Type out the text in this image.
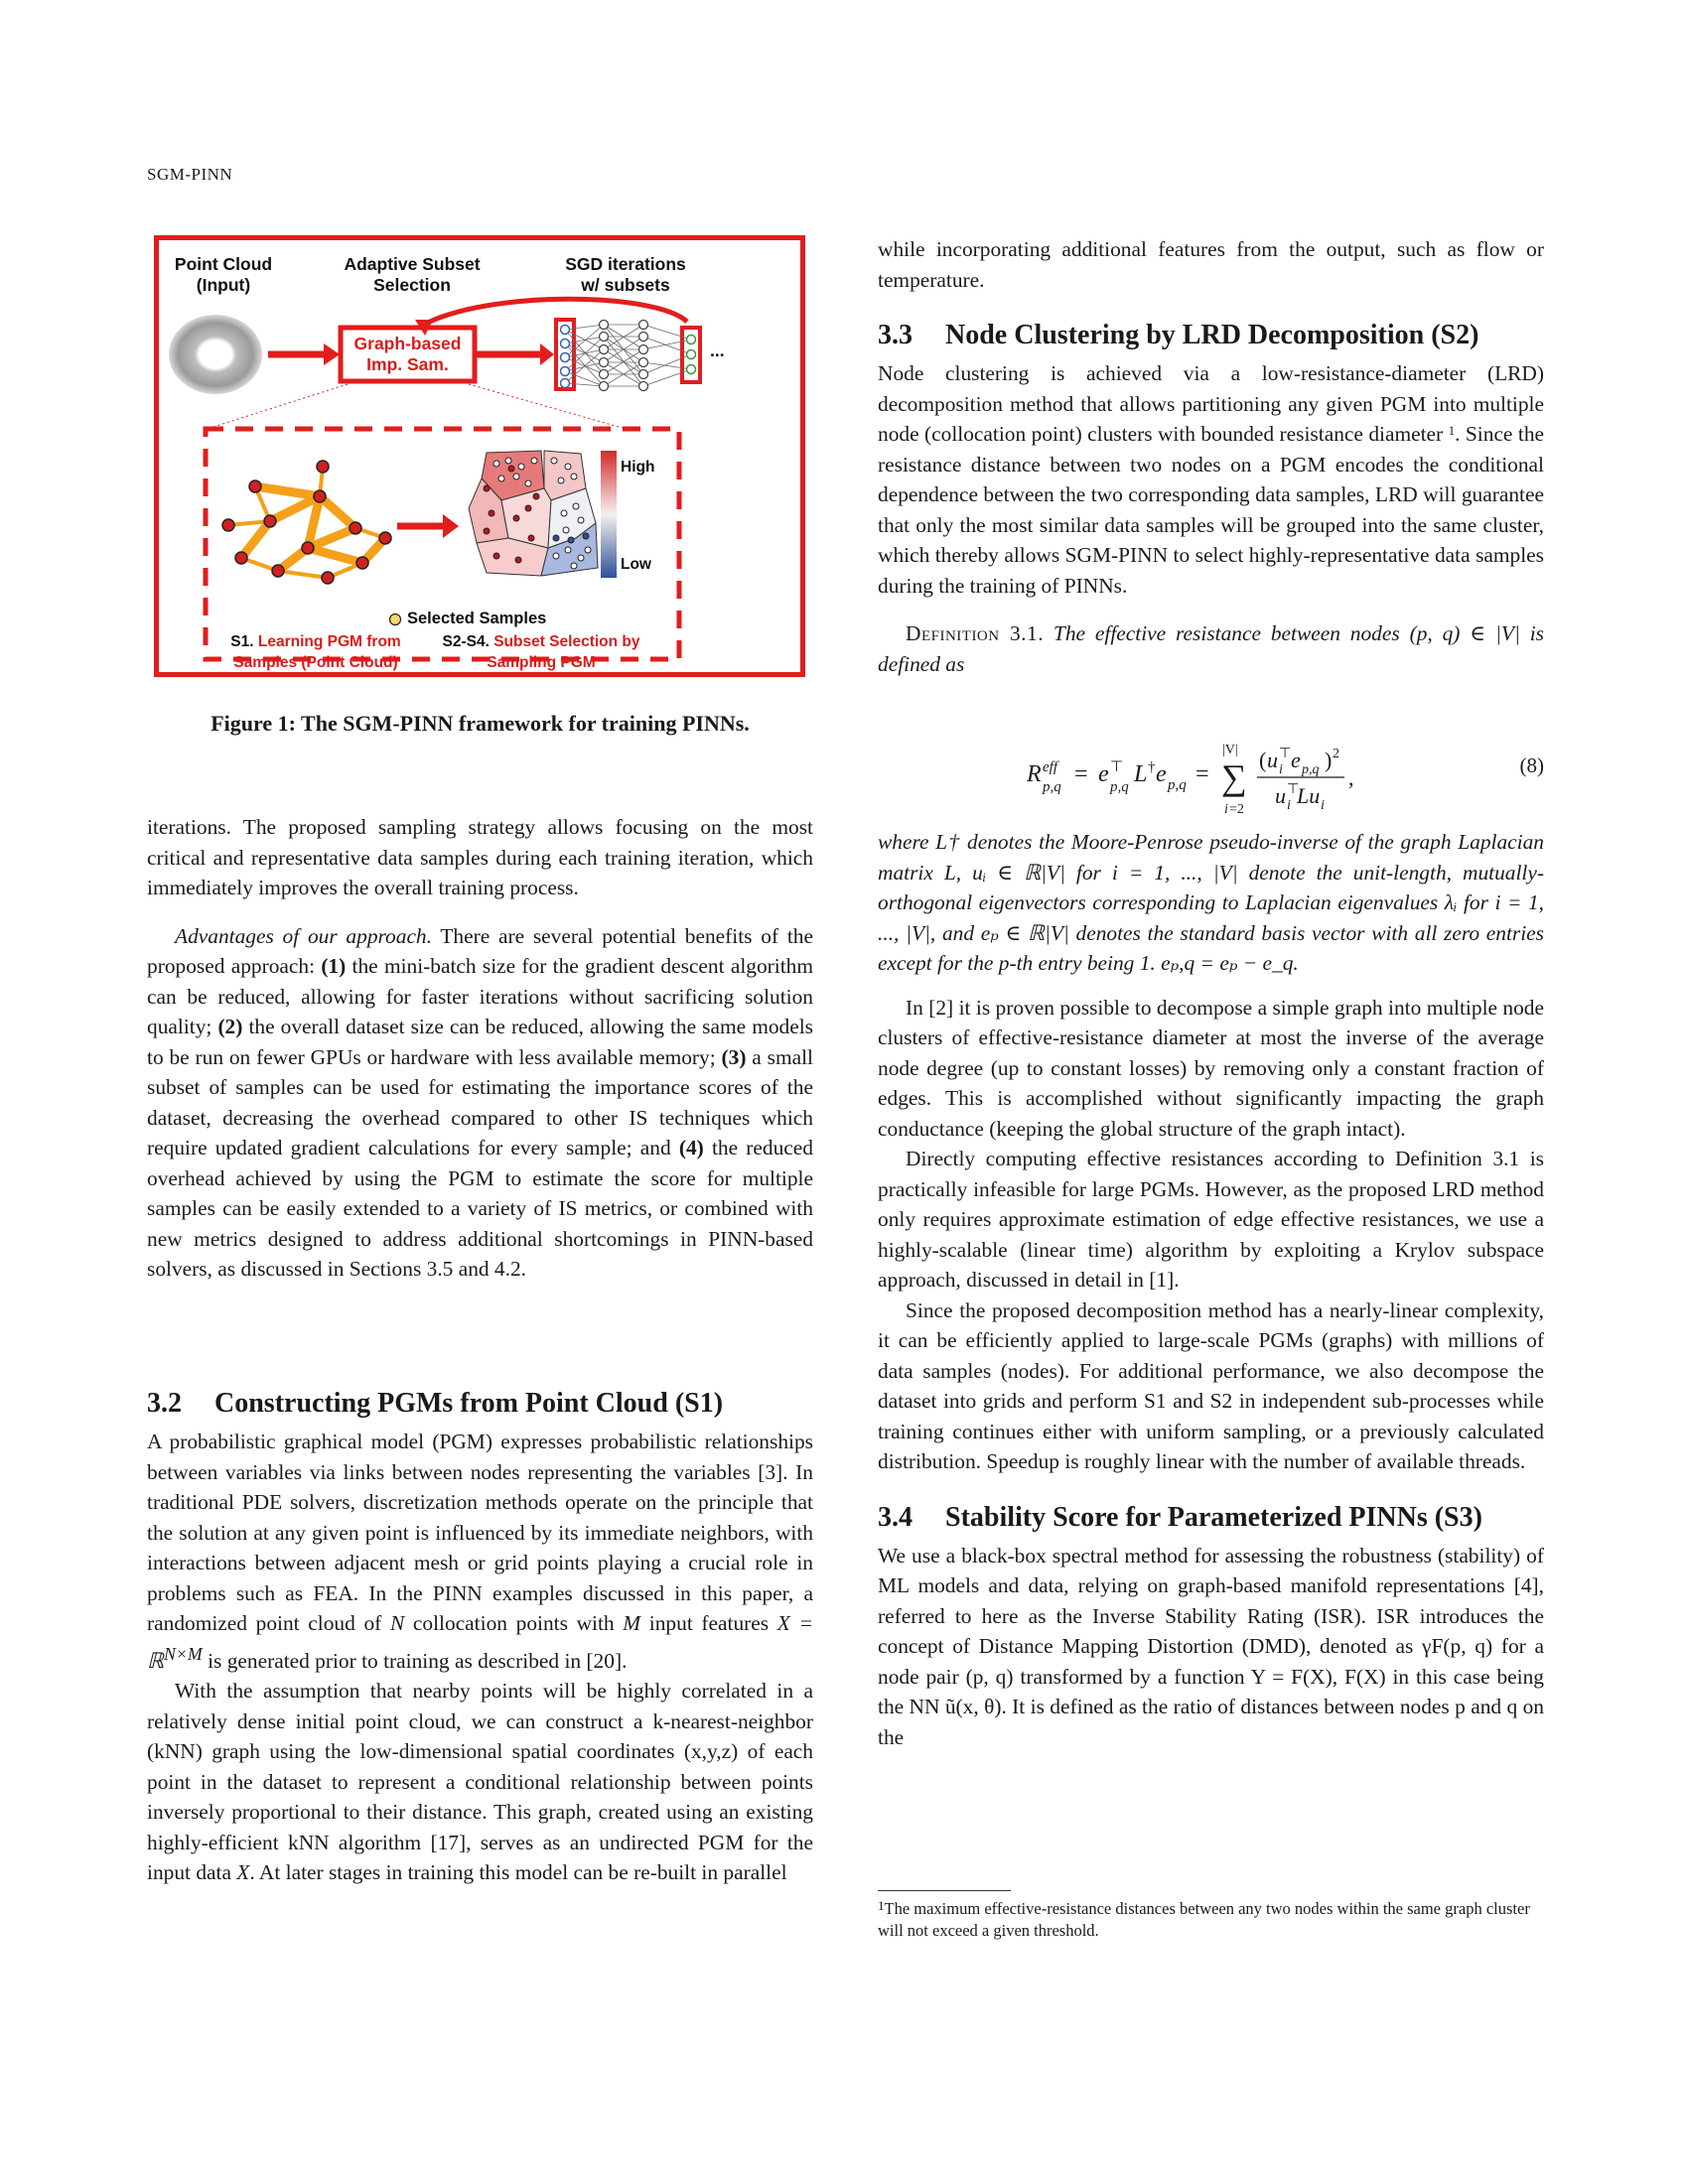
SGM-PINN
Point Cloud
(Input)
Adaptive Subset
Selection
SGD iterations
w/ subsets
Graph-based
Imp. Sam.
...
High
Low
Selected Samples
S1. Learning PGM from
Samples (Point Cloud)
S2-S4. Subset Selection by
Sampling PGM
Figure 1: The SGM-PINN framework for training PINNs.

iterations. The proposed sampling strategy allows focusing on the most critical and representative data samples during each training iteration, which immediately improves the overall training process.

Advantages of our approach. There are several potential benefits of the proposed approach: (1) the mini-batch size for the gradient descent algorithm can be reduced, allowing for faster iterations without sacrificing solution quality; (2) the overall dataset size can be reduced, allowing the same models to be run on fewer GPUs or hardware with less available memory; (3) a small subset of samples can be used for estimating the importance scores of the dataset, decreasing the overhead compared to other IS techniques which require updated gradient calculations for every sample; and (4) the reduced overhead achieved by using the PGM to estimate the score for multiple samples can be easily extended to a variety of IS metrics, or combined with new metrics designed to address additional shortcomings in PINN-based solvers, as discussed in Sections 3.5 and 4.2.

3.2 Constructing PGMs from Point Cloud (S1)

A probabilistic graphical model (PGM) expresses probabilistic relationships between variables via links between nodes representing the variables [3]. In traditional PDE solvers, discretization methods operate on the principle that the solution at any given point is influenced by its immediate neighbors, with interactions between adjacent mesh or grid points playing a crucial role in problems such as FEA. In the PINN examples discussed in this paper, a randomized point cloud of N collocation points with M input features X = ℝ$^{N\times M}$ is generated prior to training as described in [20].

With the assumption that nearby points will be highly correlated in a relatively dense initial point cloud, we can construct a k-nearest-neighbor (kNN) graph using the low-dimensional spatial coordinates (x,y,z) of each point in the dataset to represent a conditional relationship between points inversely proportional to their distance. This graph, created using an existing highly-efficient kNN algorithm [17], serves as an undirected PGM for the input data X. At later stages in training this model can be re-built in parallel

while incorporating additional features from the output, such as flow or temperature.

3.3 Node Clustering by LRD Decomposition (S2)

Node clustering is achieved via a low-resistance-diameter (LRD) decomposition method that allows partitioning any given PGM into multiple node (collocation point) clusters with bounded resistance diameter $^1$. Since the resistance distance between two nodes on a PGM encodes the conditional dependence between the two corresponding data samples, LRD will guarantee that only the most similar data samples will be grouped into the same cluster, which thereby allows SGM-PINN to select highly-representative data samples during the training of PINNs.

Definition 3.1. The effective resistance between nodes (p, q) ∈ |V| is defined as

R eff
p,q = e ⊤
p,q L † e p,q =
|V|
∑
i =2
( u ⊤
i e p,q ) 2
u ⊤
i Lu i
,	(8)

where L† denotes the Moore-Penrose pseudo-inverse of the graph Laplacian matrix L, uᵢ ∈ ℝ|V| for i = 1, ..., |V| denote the unit-length, mutually-orthogonal eigenvectors corresponding to Laplacian eigenvalues λᵢ for i = 1, ..., |V|, and eₚ ∈ ℝ|V| denotes the standard basis vector with all zero entries except for the p-th entry being 1. eₚ,q = eₚ − e_q.

In [2] it is proven possible to decompose a simple graph into multiple node clusters of effective-resistance diameter at most the inverse of the average node degree (up to constant losses) by removing only a constant fraction of edges. This is accomplished without significantly impacting the graph conductance (keeping the global structure of the graph intact).

Directly computing effective resistances according to Definition 3.1 is practically infeasible for large PGMs. However, as the proposed LRD method only requires approximate estimation of edge effective resistances, we use a highly-scalable (linear time) algorithm by exploiting a Krylov subspace approach, discussed in detail in [1].

Since the proposed decomposition method has a nearly-linear complexity, it can be efficiently applied to large-scale PGMs (graphs) with millions of data samples (nodes). For additional performance, we also decompose the dataset into grids and perform S1 and S2 in independent sub-processes while training continues either with uniform sampling, or a previously calculated distribution. Speedup is roughly linear with the number of available threads.

3.4 Stability Score for Parameterized PINNs (S3)

We use a black-box spectral method for assessing the robustness (stability) of ML models and data, relying on graph-based manifold representations [4], referred to here as the Inverse Stability Rating (ISR). ISR introduces the concept of Distance Mapping Distortion (DMD), denoted as γF(p, q) for a node pair (p, q) transformed by a function Y = F(X), F(X) in this case being the NN ũ(x, θ). It is defined as the ratio of distances between nodes p and q on the

$^1$The maximum effective-resistance distances between any two nodes within the same graph cluster will not exceed a given threshold.
